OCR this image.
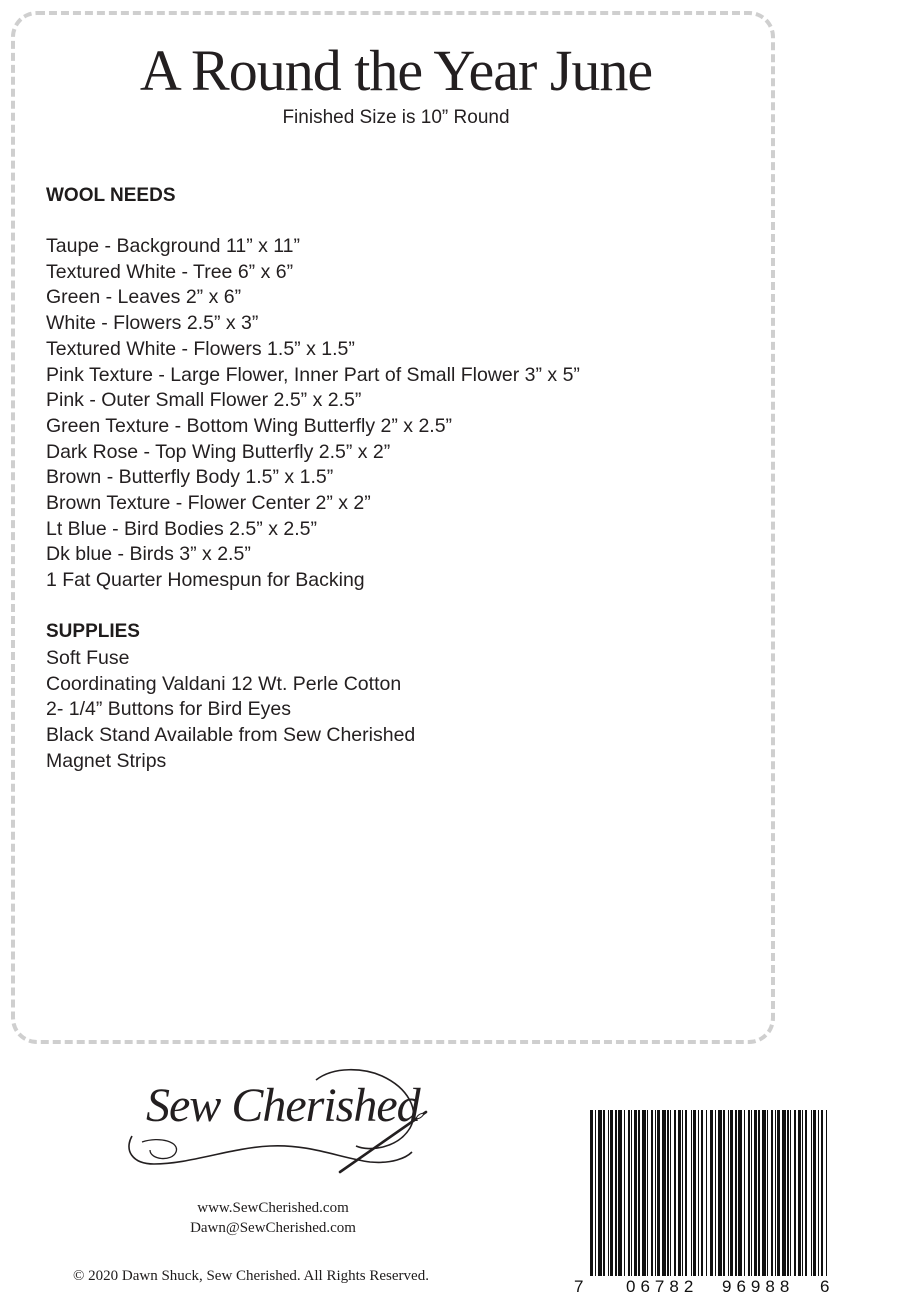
A Round the Year June
Finished Size is 10” Round
WOOL NEEDS
Taupe - Background 11” x 11”
Textured White - Tree 6” x 6”
Green - Leaves 2” x 6”
White - Flowers 2.5” x 3”
Textured White - Flowers 1.5” x 1.5”
Pink Texture - Large Flower, Inner Part of Small Flower 3” x 5”
Pink - Outer Small Flower 2.5” x 2.5”
Green Texture - Bottom Wing Butterfly 2” x 2.5”
Dark Rose - Top Wing Butterfly 2.5” x 2”
Brown - Butterfly Body 1.5” x 1.5”
Brown Texture - Flower Center 2” x 2”
Lt Blue - Bird Bodies 2.5” x 2.5”
Dk blue - Birds 3” x 2.5”
1 Fat Quarter Homespun for Backing
SUPPLIES
Soft Fuse
Coordinating Valdani 12 Wt. Perle Cotton
2- 1/4” Buttons for Bird Eyes
Black Stand Available from Sew Cherished
Magnet Strips
Sew Cherished
www.SewCherished.com
Dawn@SewCherished.com
© 2020 Dawn Shuck, Sew Cherished. All Rights Reserved.
7	06782 96988 6
